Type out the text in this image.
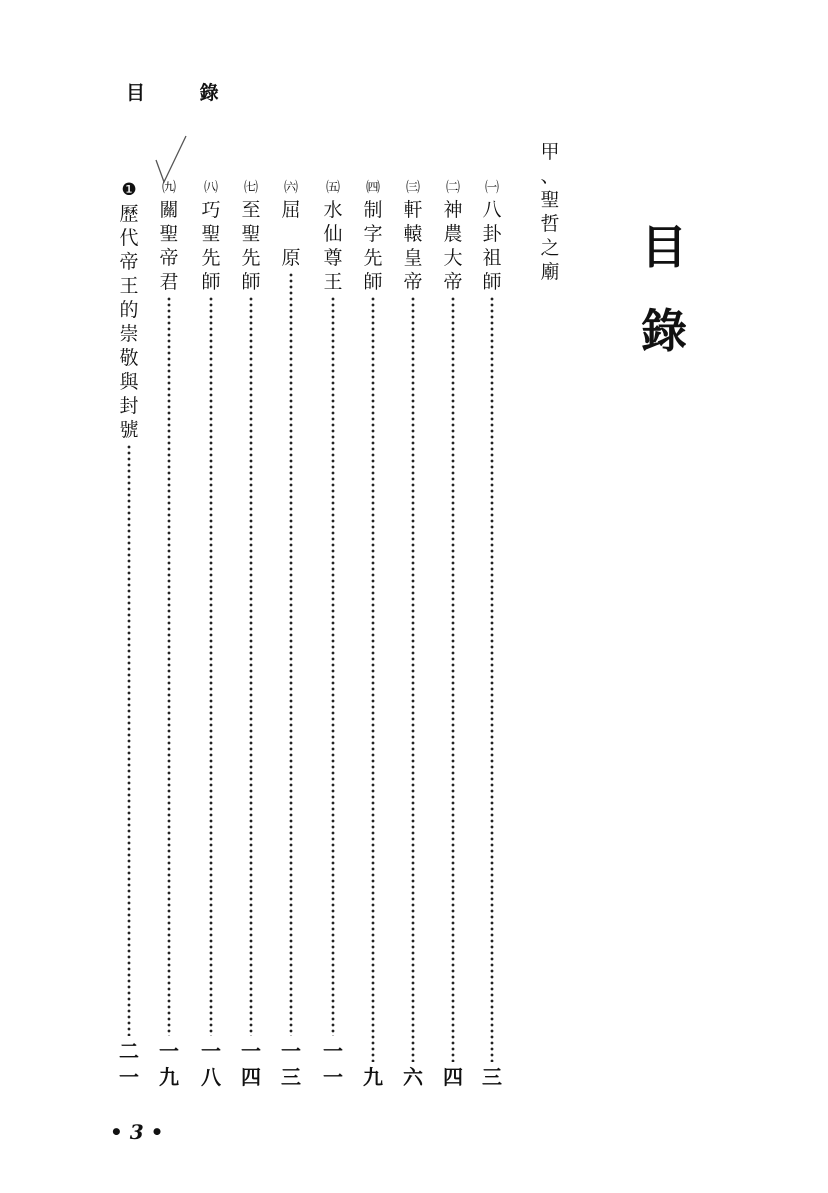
目 錄
目
錄
甲
、
聖
哲
之
廟
㈠
八
卦
祖
師
三
㈡
神
農
大
帝
四
㈢
軒
轅
皇
帝
六
㈣
制
字
先
師
九
㈤
水
仙
尊
王
一
一
㈥
屈

原
一
三
㈦
至
聖
先
師
一
四
㈧
巧
聖
先
師
一
八
㈨
關
聖
帝
君
一
九
❶
歷
代
帝
王
的
崇
敬
與
封
號
二
一
• 3 •
